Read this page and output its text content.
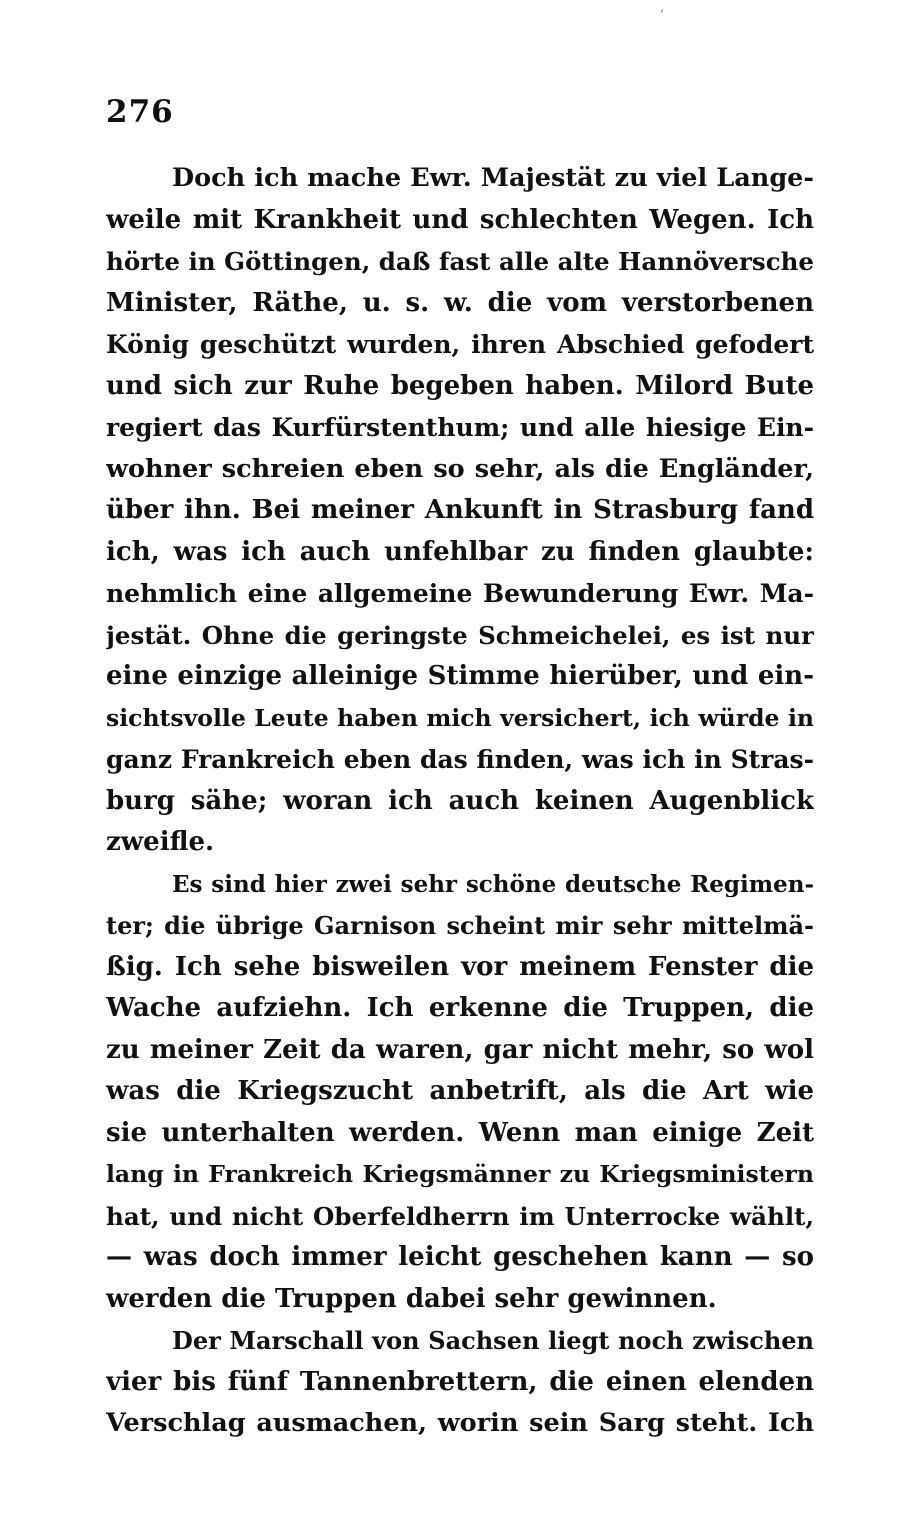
,

276

Doch ich mache Ewr. Majestät zu viel Lange-
weile mit Krankheit und schlechten Wegen. Ich
hörte in Göttingen, daß fast alle alte Hannöversche
Minister, Räthe, u. s. w. die vom verstorbenen
König geschützt wurden, ihren Abschied gefodert
und sich zur Ruhe begeben haben. Milord Bute
regiert das Kurfürstenthum; und alle hiesige Ein-
wohner schreien eben so sehr, als die Engländer,
über ihn. Bei meiner Ankunft in Strasburg fand
ich, was ich auch unfehlbar zu finden glaubte:
nehmlich eine allgemeine Bewunderung Ewr. Ma-
jestät. Ohne die geringste Schmeichelei, es ist nur
eine einzige alleinige Stimme hierüber, und ein-
sichtsvolle Leute haben mich versichert, ich würde in
ganz Frankreich eben das finden, was ich in Stras-
burg sähe; woran ich auch keinen Augenblick
zweifle.
Es sind hier zwei sehr schöne deutsche Regimen-
ter; die übrige Garnison scheint mir sehr mittelmä-
ßig. Ich sehe bisweilen vor meinem Fenster die
Wache aufziehn. Ich erkenne die Truppen, die
zu meiner Zeit da waren, gar nicht mehr, so wol
was die Kriegszucht anbetrift, als die Art wie
sie unterhalten werden. Wenn man einige Zeit
lang in Frankreich Kriegsmänner zu Kriegsministern
hat, und nicht Oberfeldherrn im Unterrocke wählt,
— was doch immer leicht geschehen kann — so
werden die Truppen dabei sehr gewinnen.
Der Marschall von Sachsen liegt noch zwischen
vier bis fünf Tannenbrettern, die einen elenden
Verschlag ausmachen, worin sein Sarg steht. Ich
